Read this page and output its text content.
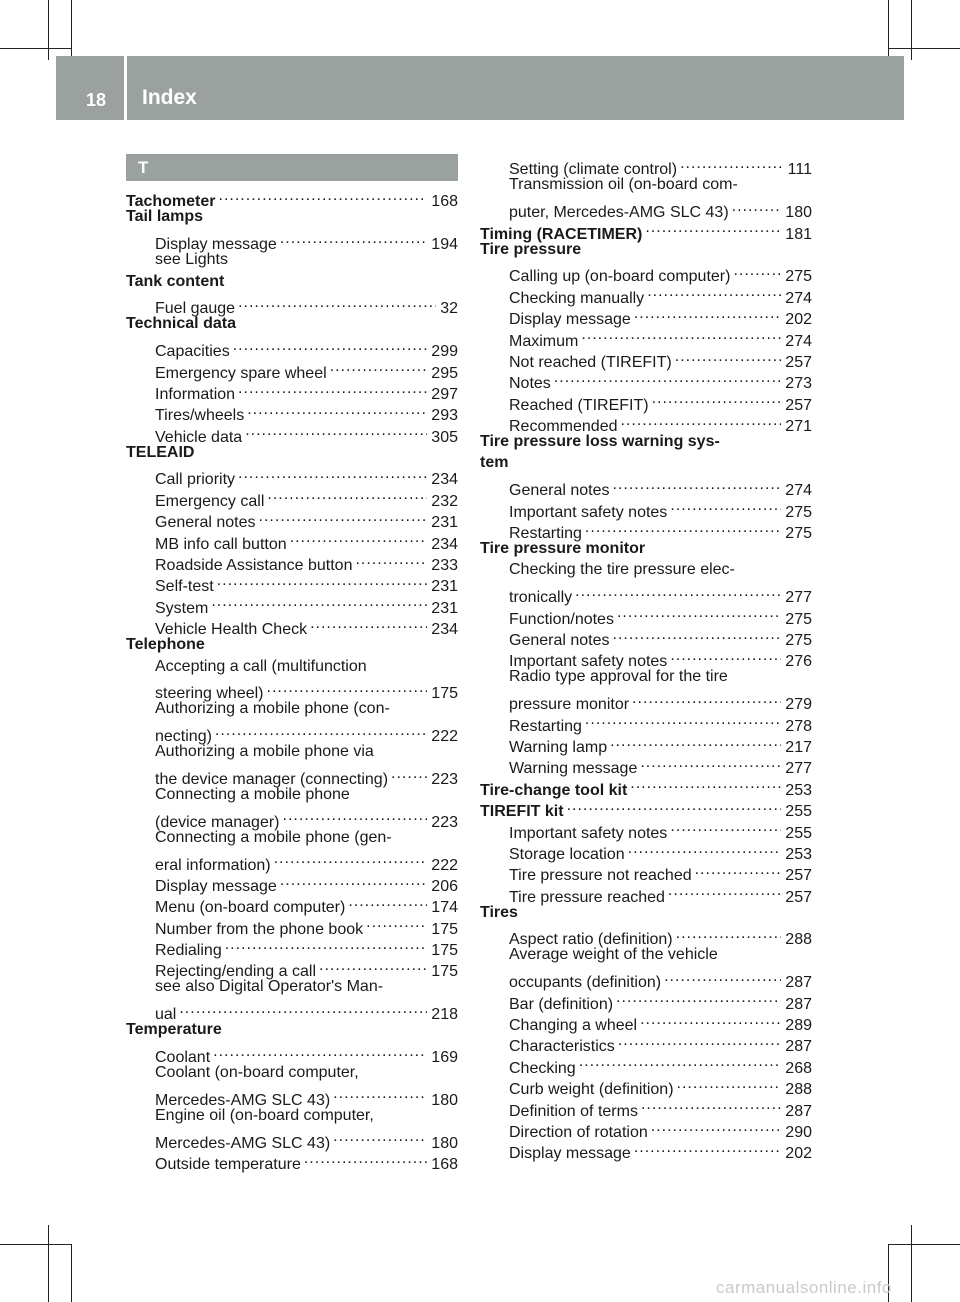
18 Index
T
Tachometer .....	168
Tail lamps
Display message .....	194
see Lights
Tank content
Fuel gauge .....	32
Technical data
Capacities .....	299
Emergency spare wheel .....	295
Information .....	297
Tires/wheels .....	293
Vehicle data .....	305
TELEAID
Call priority .....	234
Emergency call .....	232
General notes .....	231
MB info call button .....	234
Roadside Assistance button .....	233
Self-test .....	231
System .....	231
Vehicle Health Check .....	234
Telephone
Accepting a call (multifunction
steering wheel) .....	175
Authorizing a mobile phone (con-
necting) .....	222
Authorizing a mobile phone via
the device manager (connecting) .....	223
Connecting a mobile phone
(device manager) .....	223
Connecting a mobile phone (gen-
eral information) .....	222
Display message .....	206
Menu (on-board computer) .....	174
Number from the phone book .....	175
Redialing .....	175
Rejecting/ending a call .....	175
see also Digital Operator's Man-
ual .....	218
Temperature
Coolant .....	169
Coolant (on-board computer,
Mercedes-AMG SLC 43) .....	180
Engine oil (on-board computer,
Mercedes-AMG SLC 43) .....	180
Outside temperature .....	168
Setting (climate control) .....	111
Transmission oil (on-board com-
puter, Mercedes-AMG SLC 43) .....	180
Timing (RACETIMER) .....	181
Tire pressure
Calling up (on-board computer) .....	275
Checking manually .....	274
Display message .....	202
Maximum .....	274
Not reached (TIREFIT) .....	257
Notes .....	273
Reached (TIREFIT) .....	257
Recommended .....	271
Tire pressure loss warning sys-
tem
General notes .....	274
Important safety notes .....	275
Restarting .....	275
Tire pressure monitor
Checking the tire pressure elec-
tronically .....	277
Function/notes .....	275
General notes .....	275
Important safety notes .....	276
Radio type approval for the tire
pressure monitor .....	279
Restarting .....	278
Warning lamp .....	217
Warning message .....	277
Tire-change tool kit .....	253
TIREFIT kit .....	255
Important safety notes .....	255
Storage location .....	253
Tire pressure not reached .....	257
Tire pressure reached .....	257
Tires
Aspect ratio (definition) .....	288
Average weight of the vehicle
occupants (definition) .....	287
Bar (definition) .....	287
Changing a wheel .....	289
Characteristics .....	287
Checking .....	268
Curb weight (definition) .....	288
Definition of terms .....	287
Direction of rotation .....	290
Display message .....	202
carmanualsonline.info
